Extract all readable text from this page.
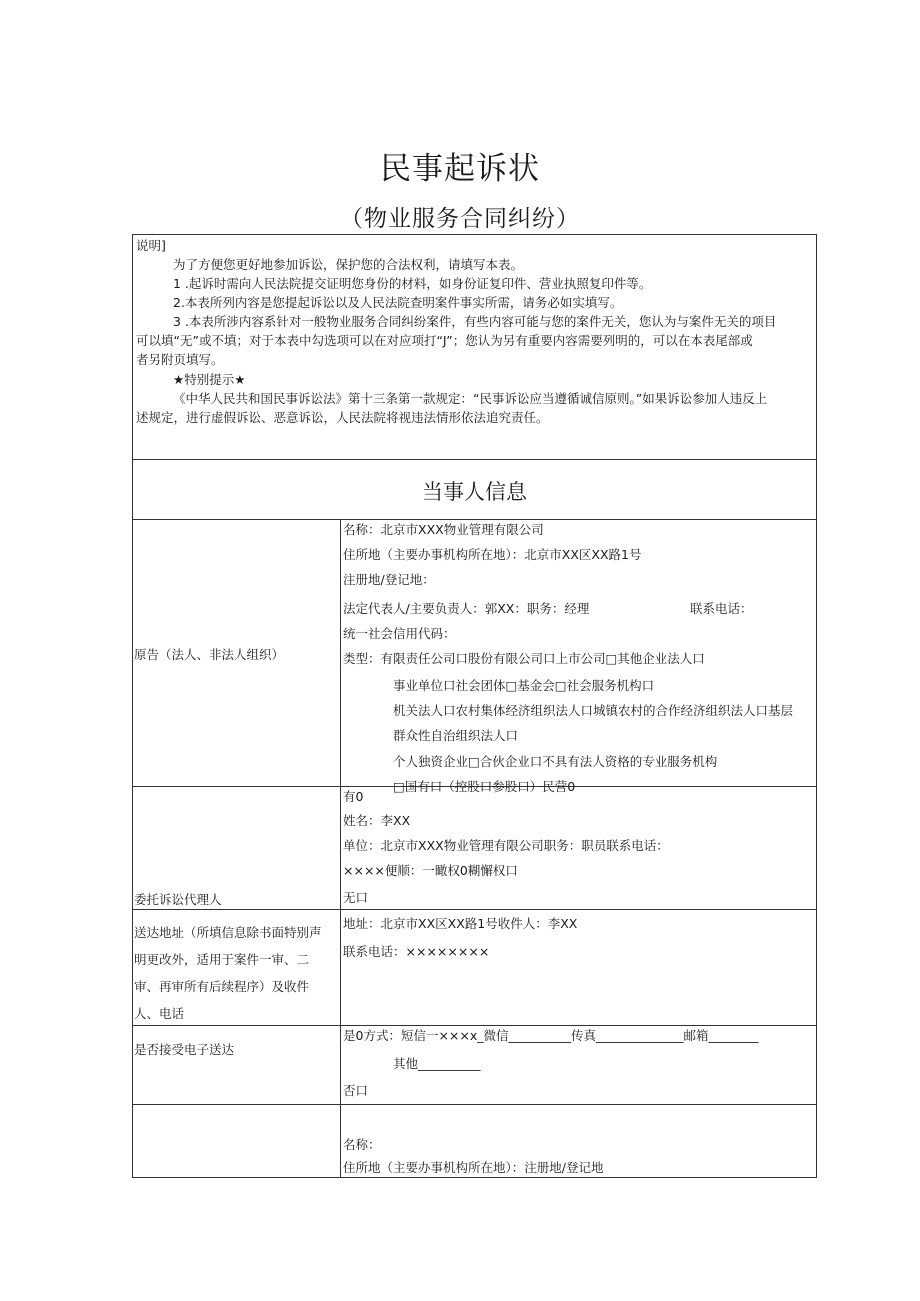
民事起诉状
（物业服务合同纠纷）
说明]
为了方便您更好地参加诉讼，保护您的合法权利，请填写本表。
1 .起诉时需向人民法院提交证明您身份的材料，如身份证复印件、营业执照复印件等。
2.本表所列内容是您提起诉讼以及人民法院查明案件事实所需，请务必如实填写。
3 .本表所涉内容系针对一般物业服务合同纠纷案件，有些内容可能与您的案件无关，您认为与案件无关的项目
可以填“无”或不填；对于本表中勾选项可以在对应项打“J”；您认为另有重要内容需要列明的，可以在本表尾部或
者另附页填写。
★特别提示★
《中华人民共和国民事诉讼法》第十三条第一款规定：“民事诉讼应当遵循诚信原则。”如果诉讼参加人违反上
述规定，进行虚假诉讼、恶意诉讼，人民法院将视违法情形依法追究责任。
当事人信息
原告（法人、非法人组织）
名称：北京市XXX物业管理有限公司
住所地（主要办事机构所在地）：北京市XX区XX路1号
注册地/登记地：
法定代表人/主要负责人：郭XX：职务：经理	联系电话：
统一社会信用代码：
类型：有限责任公司口股份有限公司口上市公司□其他企业法人口
事业单位口社会团体□基金会□社会服务机构口
机关法人口农村集体经济组织法人口城镇农村的合作经济组织法人口基层
群众性自治组织法人口
个人独资企业□合伙企业口不具有法人资格的专业服务机构
□国有口（控股口参股口）民营0
委托诉讼代理人
有0
姓名：李XX
单位：北京市XXX物业管理有限公司职务：职员联系电话：
××××便顺：一瞰权0糊懈权口
无口
送达地址（所填信息除书面特别声
明更改外，适用于案件一审、二
审、再审所有后续程序）及收件
人、电话
地址：北京市XX区XX路1号收件人：李XX
联系电话：××××××××
是否接受电子送达
是0方式：短信一×××x_微信__________传真______________邮箱________
其他__________
否口
名称：
住所地（主要办事机构所在地）：注册地/登记地
